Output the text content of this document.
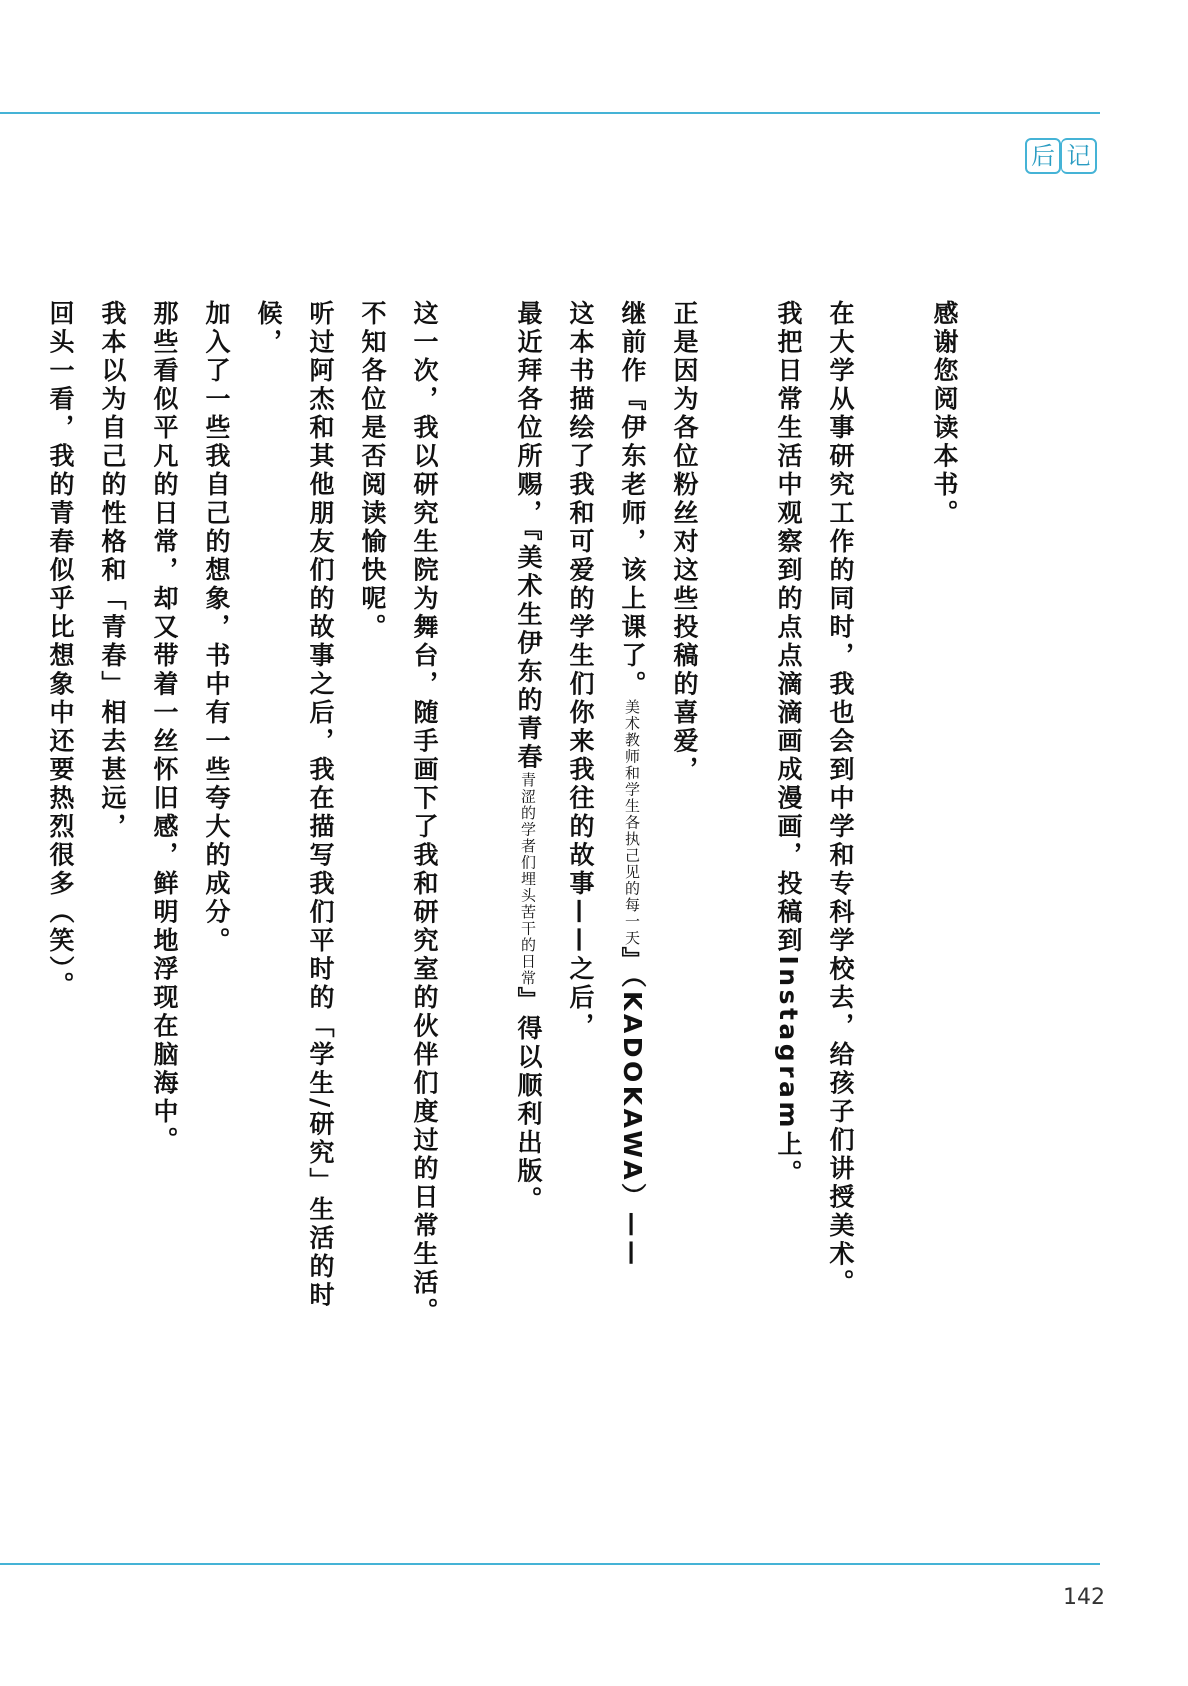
后 记

感谢您阅读本书。

在大学从事研究工作的同时，我也会到中学和专科学校去，给孩子们讲授美术。

我把日常生活中观察到的点点滴滴画成漫画，投稿到Instagram上。

正是因为各位粉丝对这些投稿的喜爱，

继前作『伊东老师，该上课了。美术教师和学生各执己见的每一天』（KADOKAWA）——

这本书描绘了我和可爱的学生们你来我往的故事——之后，

最近拜各位所赐，『美术生伊东的青春青涩的学者们埋头苦干的日常』得以顺利出版。

这一次，我以研究生院为舞台，随手画下了我和研究室的伙伴们度过的日常生活。

不知各位是否阅读愉快呢。

听过阿杰和其他朋友们的故事之后，我在描写我们平时的「学生/研究」生活的时候，

加入了一些我自己的想象，书中有一些夸大的成分。

那些看似平凡的日常，却又带着一丝怀旧感，鲜明地浮现在脑海中。

我本以为自己的性格和「青春」相去甚远，

回头一看，我的青春似乎比想象中还要热烈很多（笑）。

142
